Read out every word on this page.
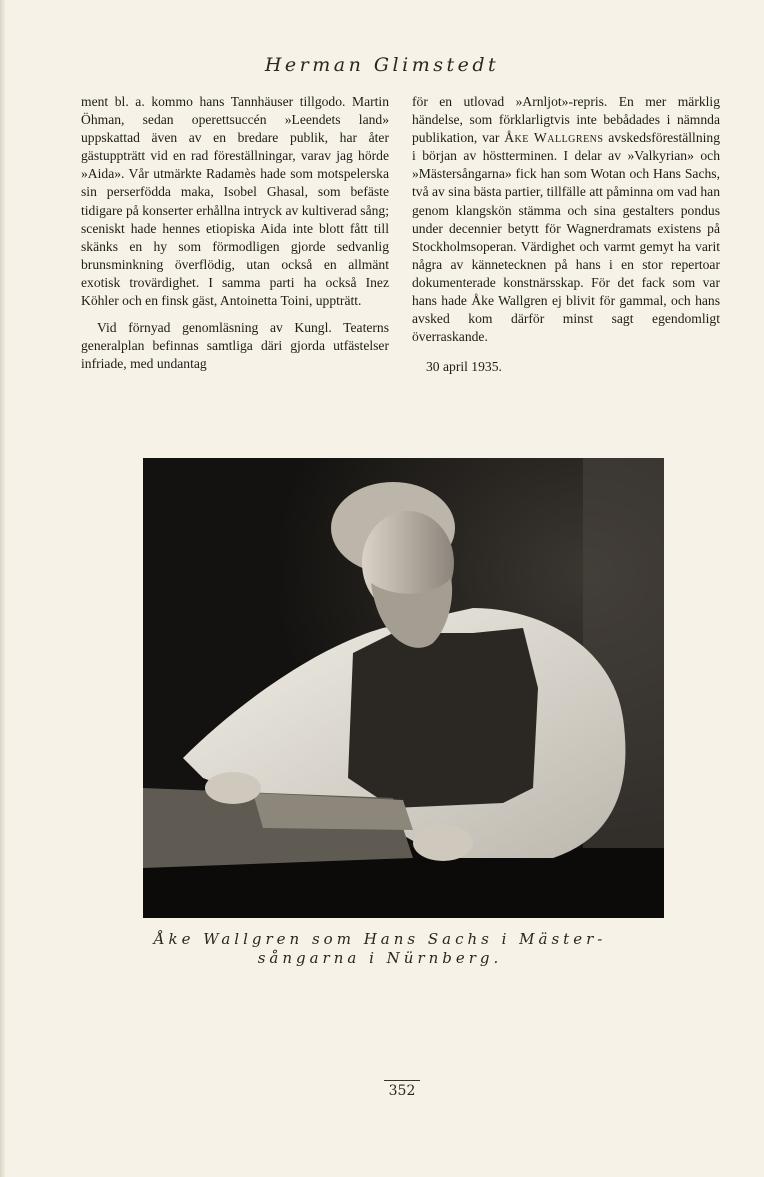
Herman Glimstedt

ment bl. a. kommo hans Tannhäuser tillgodo. Martin Öhman, sedan operettsuccén »Leendets land» uppskattad även av en bredare publik, har åter gästuppträtt vid en rad föreställningar, varav jag hörde »Aida». Vår utmärkte Radamès hade som motspelerska sin perserfödda maka, Isobel Ghasal, som befäste tidigare på konserter erhållna intryck av kultiverad sång; sceniskt hade hennes etiopiska Aida inte blott fått till skänks en hy som förmodligen gjorde sedvanlig brunsminkning överflödig, utan också en allmänt exotisk trovärdighet. I samma parti ha också Inez Köhler och en finsk gäst, Antoinetta Toini, uppträtt.

Vid förnyad genomläsning av Kungl. Teaterns generalplan befinnas samtliga däri gjorda utfästelser infriade, med undantag

för en utlovad »Arnljot»-repris. En mer märklig händelse, som förklarligtvis inte bebådades i nämnda publikation, var Åke Wallgrens avskedsföreställning i början av höstterminen. I delar av »Valkyrian» och »Mästersångarna» fick han som Wotan och Hans Sachs, två av sina bästa partier, tillfälle att påminna om vad han genom klangskön stämma och sina gestalters pondus under decennier betytt för Wagnerdramats existens på Stockholmsoperan. Värdighet och varmt gemyt ha varit några av kännetecknen på hans i en stor repertoar dokumenterade konstnärsskap. För det fack som var hans hade Åke Wallgren ej blivit för gammal, och hans avsked kom därför minst sagt egendomligt överraskande.

30 april 1935.

Åke Wallgren som Hans Sachs i Mäster-sångarna i Nürnberg.
352
